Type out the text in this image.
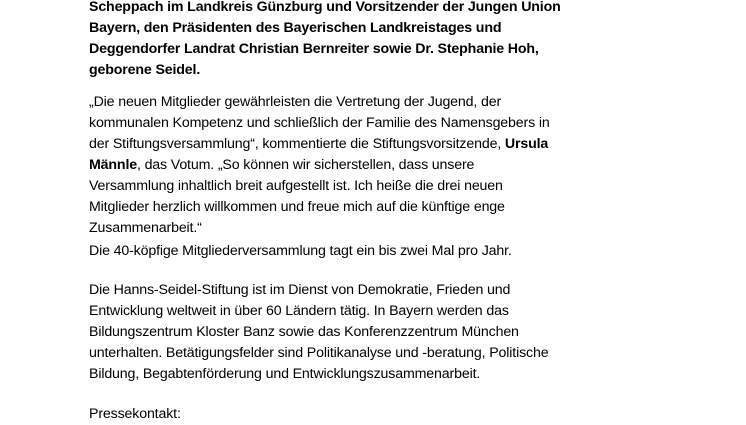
Scheppach im Landkreis Günzburg und Vorsitzender der Jungen Union
Bayern, den Präsidenten des Bayerischen Landkreistages und
Deggendorfer Landrat Christian Bernreiter sowie Dr. Stephanie Hoh,
geborene Seidel.
„Die neuen Mitglieder gewährleisten die Vertretung der Jugend, der
kommunalen Kompetenz und schließlich der Familie des Namensgebers in
der Stiftungsversammlung“, kommentierte die Stiftungsvorsitzende, Ursula
Männle, das Votum. „So können wir sicherstellen, dass unsere
Versammlung inhaltlich breit aufgestellt ist. Ich heiße die drei neuen
Mitglieder herzlich willkommen und freue mich auf die künftige enge
Zusammenarbeit.“
Die 40-köpfige Mitgliederversammlung tagt ein bis zwei Mal pro Jahr.
Die Hanns-Seidel-Stiftung ist im Dienst von Demokratie, Frieden und
Entwicklung weltweit in über 60 Ländern tätig. In Bayern werden das
Bildungszentrum Kloster Banz sowie das Konferenzzentrum München
unterhalten. Betätigungsfelder sind Politikanalyse und -beratung, Politische
Bildung, Begabtenförderung und Entwicklungszusammenarbeit.
Pressekontakt:
